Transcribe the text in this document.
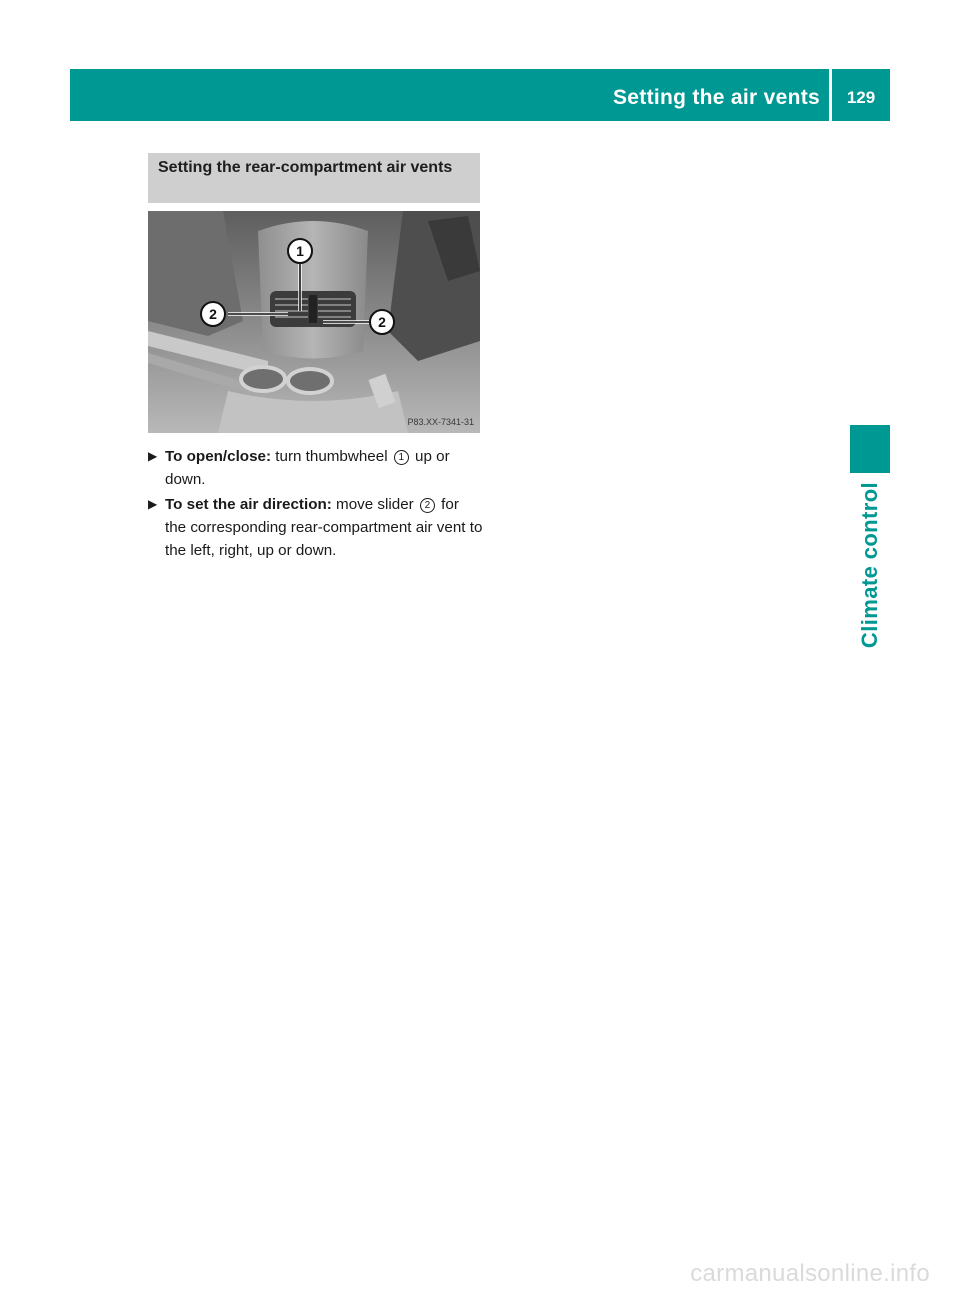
Setting the air vents	129
Setting the rear-compartment air vents
1
2	2
P83.XX-7341-31
▶ To open/close: turn thumbwheel 1 up or down.
▶ To set the air direction: move slider 2 for the corresponding rear-compartment air vent to the left, right, up or down.	Climate control
carmanualsonline.info
